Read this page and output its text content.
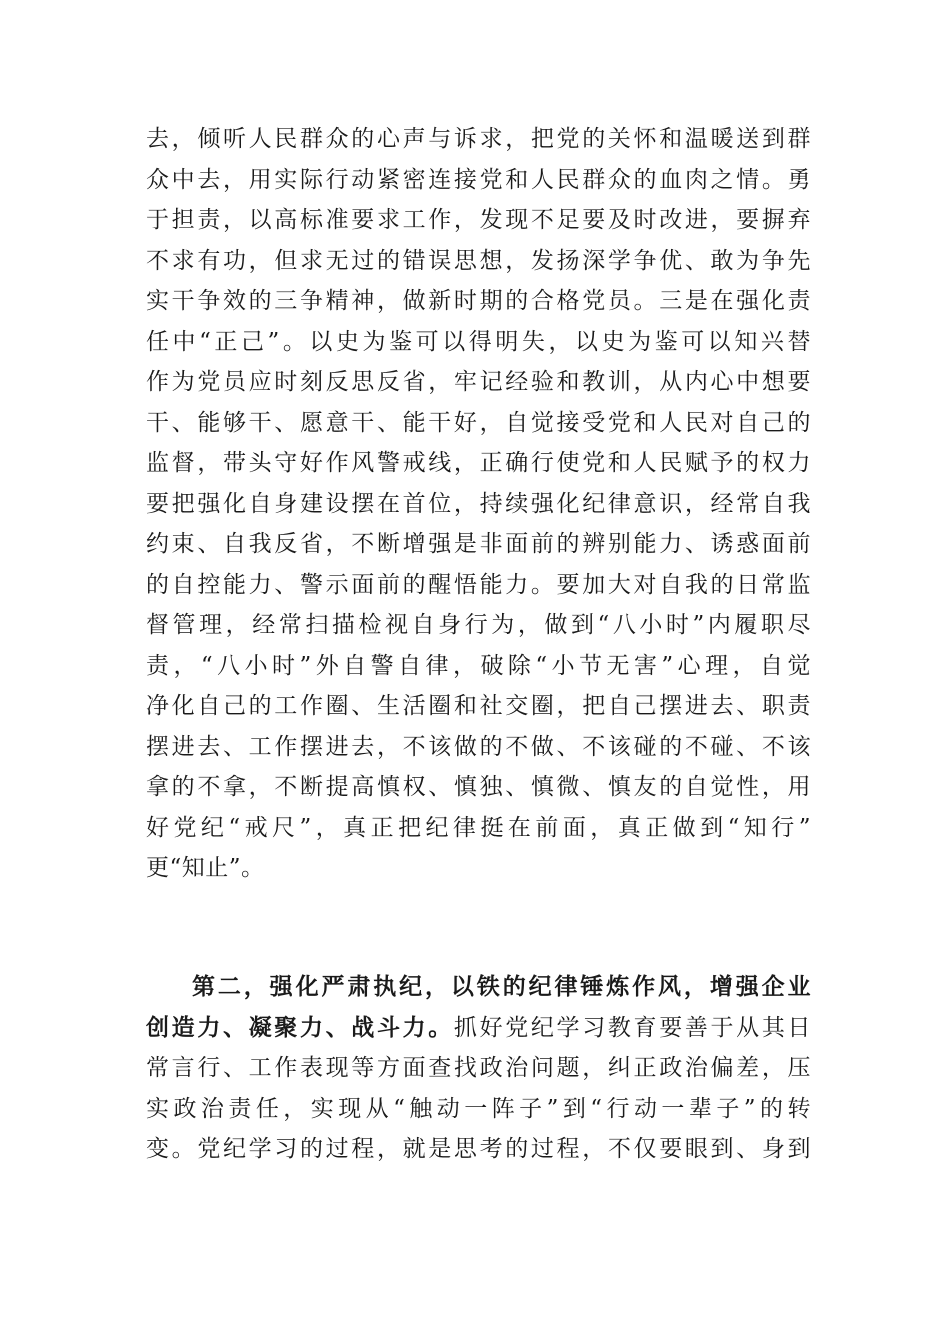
去，倾听人民群众的心声与诉求，把党的关怀和温暖送到群
众中去，用实际行动紧密连接党和人民群众的血肉之情。勇
于担责，以高标准要求工作，发现不足要及时改进，要摒弃
不求有功，但求无过的错误思想，发扬深学争优、敢为争先
实干争效的三争精神，做新时期的合格党员。三是在强化责
任中“正己”。以史为鉴可以得明失，以史为鉴可以知兴替
作为党员应时刻反思反省，牢记经验和教训，从内心中想要
干、能够干、愿意干、能干好，自觉接受党和人民对自己的
监督，带头守好作风警戒线，正确行使党和人民赋予的权力
要把强化自身建设摆在首位，持续强化纪律意识，经常自我
约束、自我反省，不断增强是非面前的辨别能力、诱惑面前
的自控能力、警示面前的醒悟能力。要加大对自我的日常监
督管理，经常扫描检视自身行为，做到“八小时”内履职尽
责，“八小时”外自警自律，破除“小节无害”心理，自觉
净化自己的工作圈、生活圈和社交圈，把自己摆进去、职责
摆进去、工作摆进去，不该做的不做、不该碰的不碰、不该
拿的不拿，不断提高慎权、慎独、慎微、慎友的自觉性，用
好党纪“戒尺”，真正把纪律挺在前面，真正做到“知行”
更“知止”。
第二，强化严肃执纪，以铁的纪律锤炼作风，增强企业
创造力、凝聚力、战斗力。抓好党纪学习教育要善于从其日
常言行、工作表现等方面查找政治问题，纠正政治偏差，压
实政治责任，实现从“触动一阵子”到“行动一辈子”的转
变。党纪学习的过程，就是思考的过程，不仅要眼到、身到
